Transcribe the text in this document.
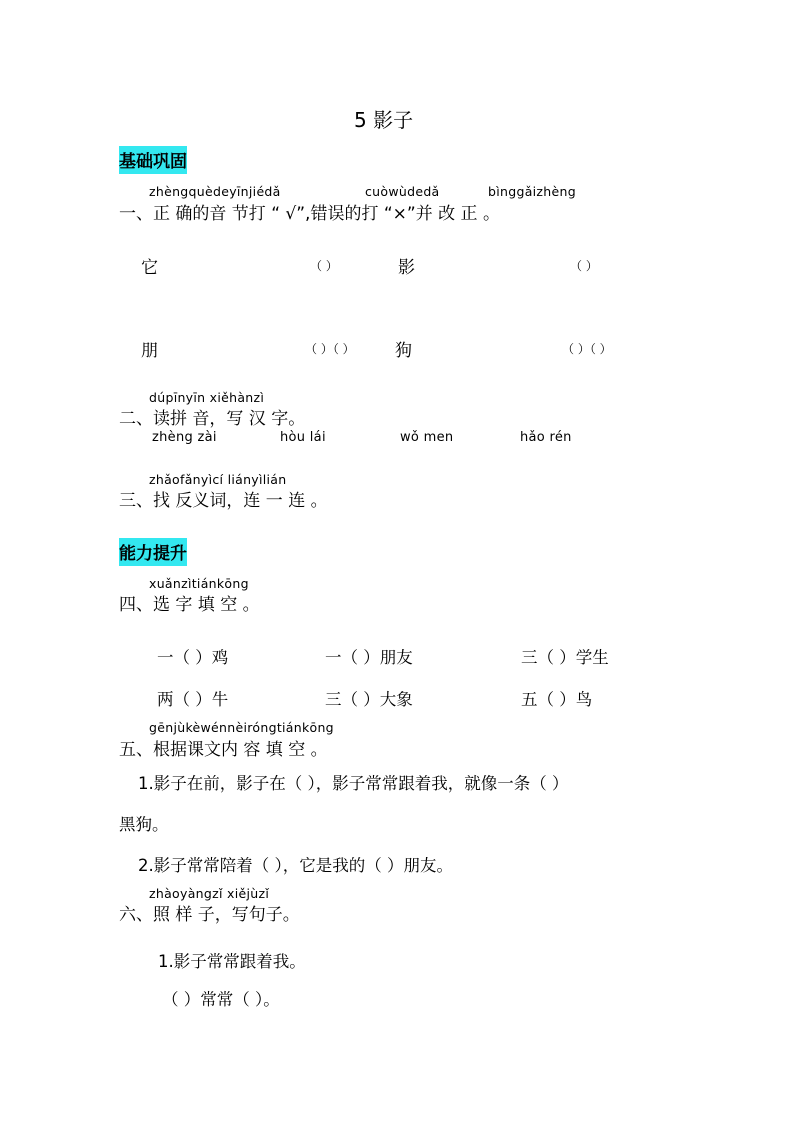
5 影子
基础巩固
zhèngquèdeyīnjiédǎ	cuòwùdedǎ	bìnggǎizhèng
一、正 确的音 节打 “ √”,错误的打 “×”并 改 正 。
它	（ ）	影	（ ）
朋	（ ）（ ） 狗	（ ）（ ）
dúpīnyīn xiěhànzì
二、读拼 音，写 汉 字。
zhèng zài	hòu lái	wǒ men	hǎo rén
zhǎofǎnyìcí liányìlián
三、找 反义词，连 一 连 。
能力提升
xuǎnzìtiánkōng
四、选 字 填 空 。
一（ ）鸡	一（ ）朋友	三（ ）学生
两（ ）牛	三（ ）大象	五（ ）鸟
gēnjùkèwénnèiróngtiánkōng
五、根据课文内 容 填 空 。
1.影子在前，影子在（ ），影子常常跟着我，就像一条（ ）
黑狗。
2.影子常常陪着（ ），它是我的（ ）朋友。
zhàoyàngzǐ xiějùzǐ
六、照 样 子，写句子。
1.影子常常跟着我。
（ ）常常（ ）。
